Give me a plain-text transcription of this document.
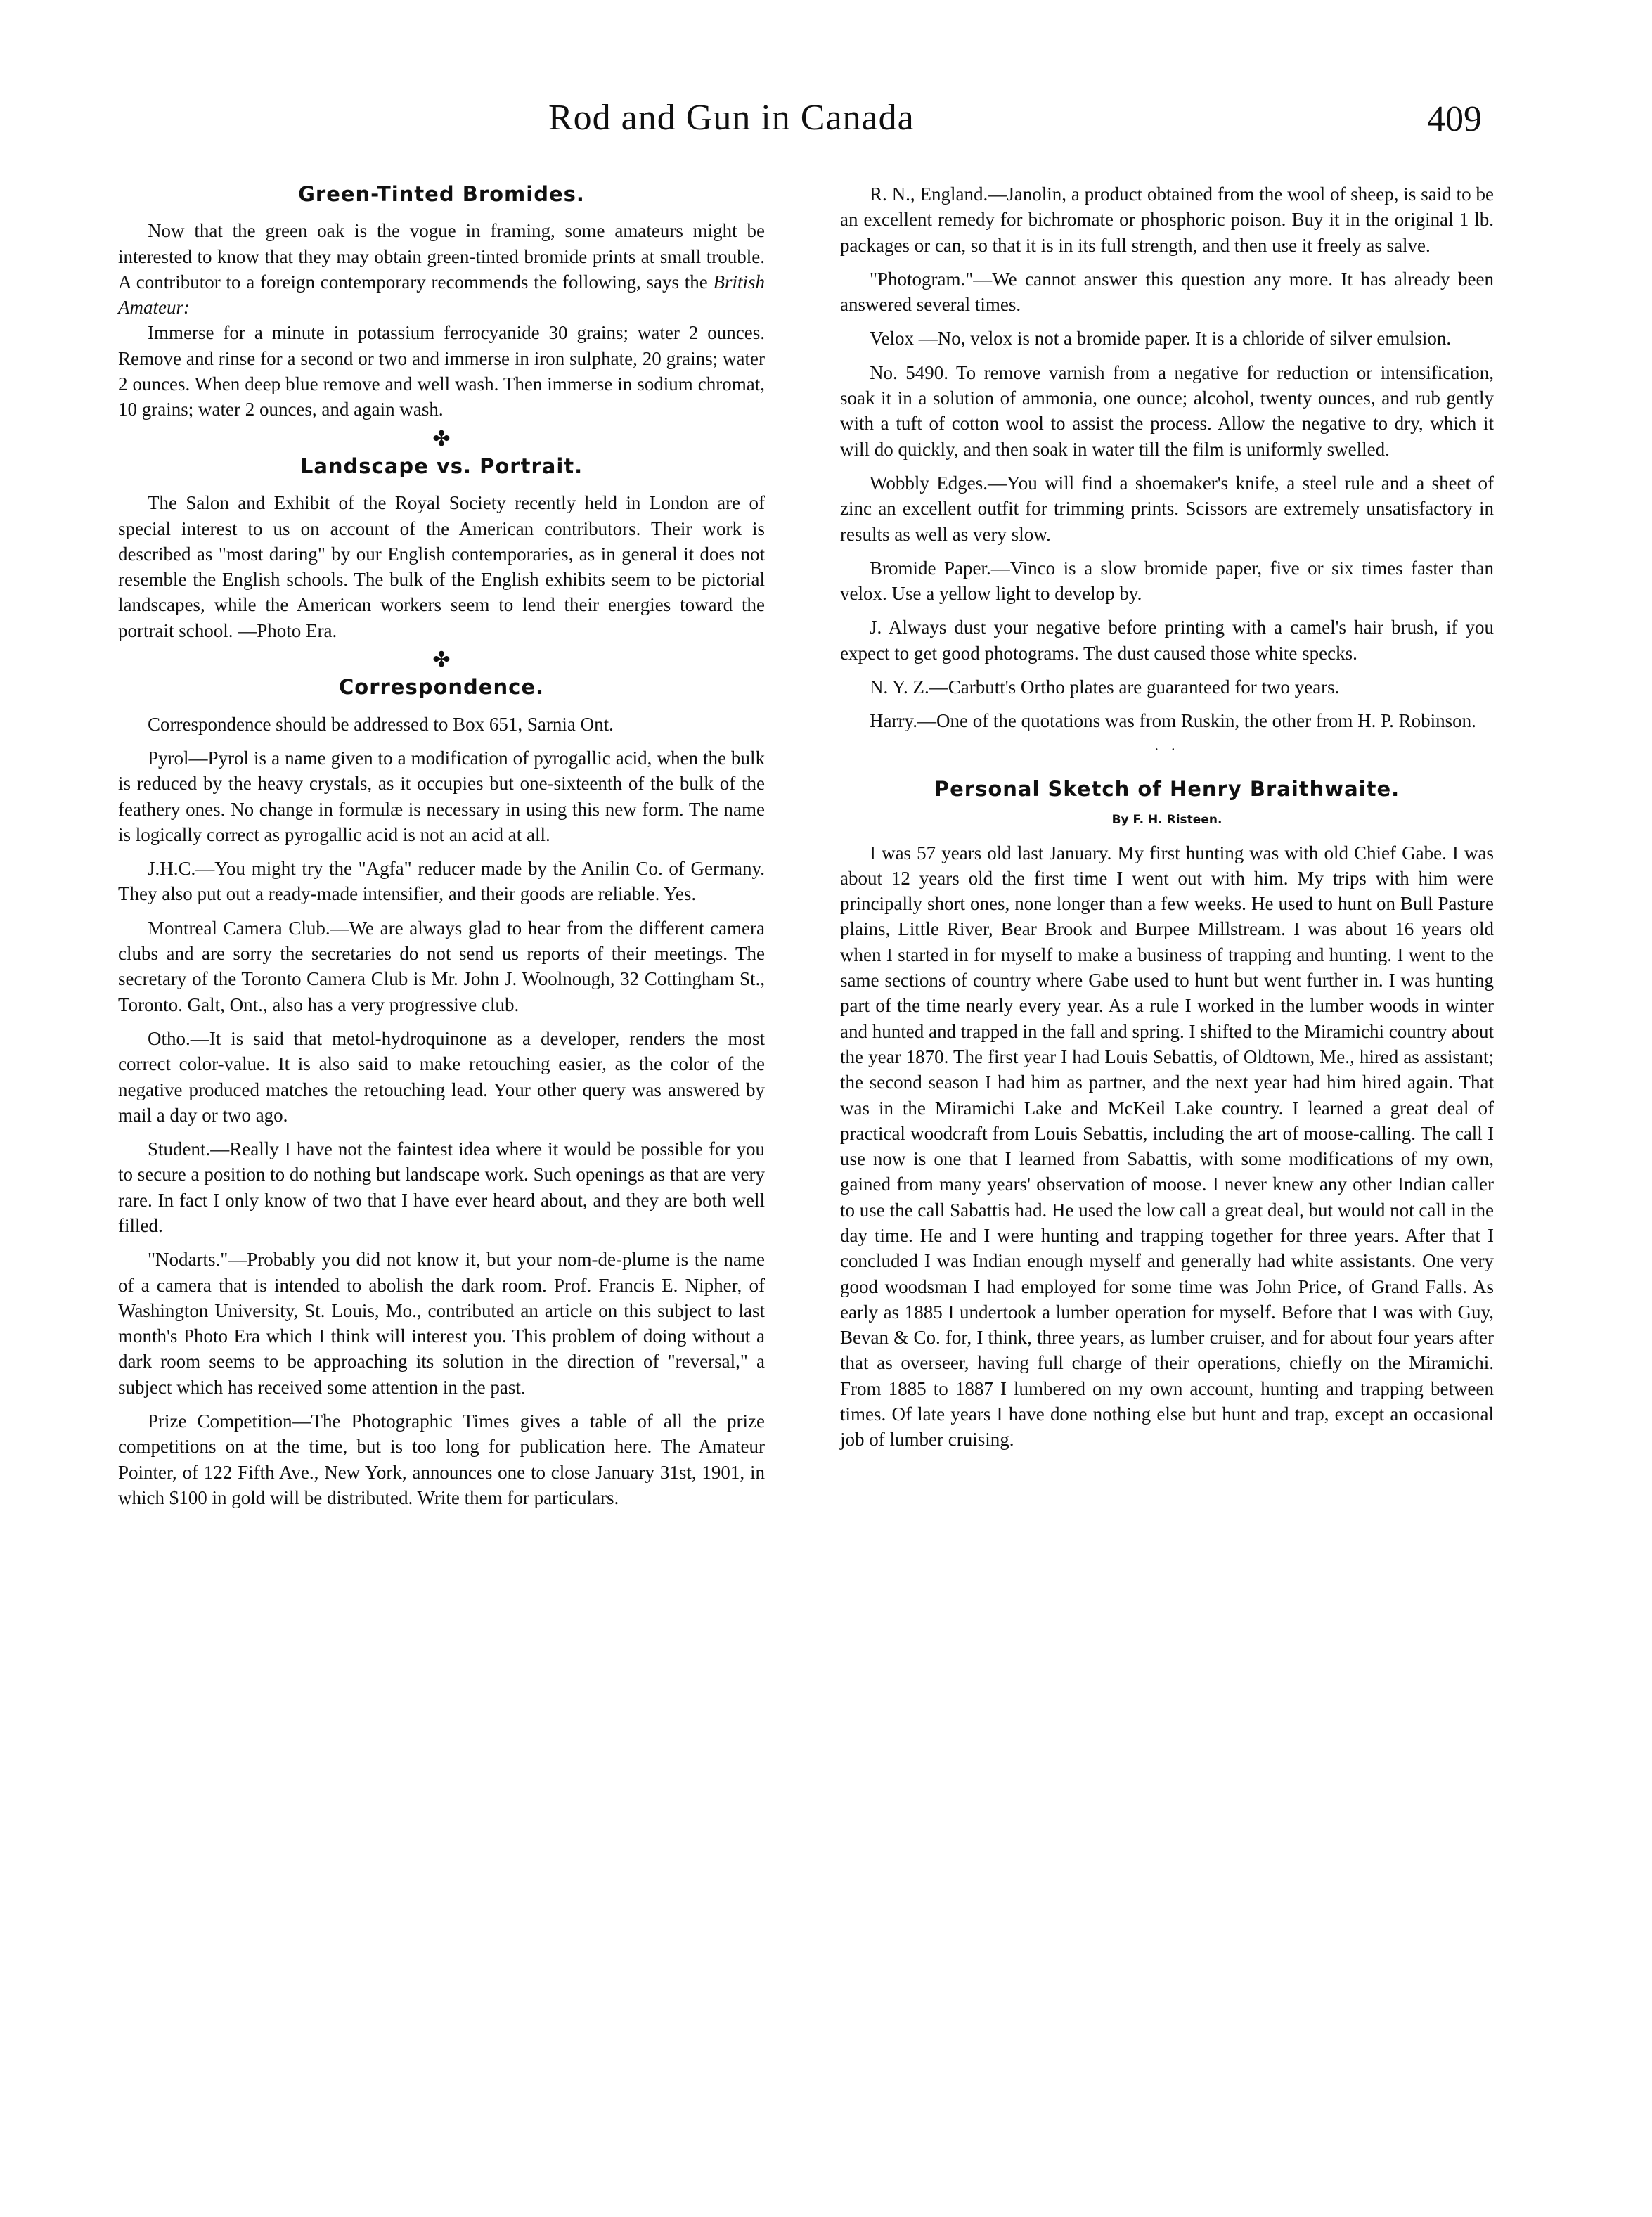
Rod and Gun in Canada	409
Green-Tinted Bromides.

Now that the green oak is the vogue in framing, some amateurs might be interested to know that they may obtain green-tinted bromide prints at small trouble. A contributor to a foreign contemporary recommends the following, says the British Amateur:

Immerse for a minute in potassium ferrocyanide 30 grains; water 2 ounces. Remove and rinse for a second or two and immerse in iron sulphate, 20 grains; water 2 ounces. When deep blue remove and well wash. Then immerse in sodium chromat, 10 grains; water 2 ounces, and again wash.

✤
Landscape vs. Portrait.

The Salon and Exhibit of the Royal Society recently held in London are of special interest to us on account of the American contributors. Their work is described as "most daring" by our English contemporaries, as in general it does not resemble the English schools. The bulk of the English exhibits seem to be pictorial landscapes, while the American workers seem to lend their energies toward the portrait school. —Photo Era.

✤
Correspondence.

Correspondence should be addressed to Box 651, Sarnia Ont.

Pyrol—Pyrol is a name given to a modification of pyrogallic acid, when the bulk is reduced by the heavy crystals, as it occupies but one-sixteenth of the bulk of the feathery ones. No change in formulæ is necessary in using this new form. The name is logically correct as pyrogallic acid is not an acid at all.

J.H.C.—You might try the "Agfa" reducer made by the Anilin Co. of Germany. They also put out a ready-made intensifier, and their goods are reliable. Yes.

Montreal Camera Club.—We are always glad to hear from the different camera clubs and are sorry the secretaries do not send us reports of their meetings. The secretary of the Toronto Camera Club is Mr. John J. Woolnough, 32 Cottingham St., Toronto. Galt, Ont., also has a very progressive club.

Otho.—It is said that metol-hydroquinone as a developer, renders the most correct color-value. It is also said to make retouching easier, as the color of the negative produced matches the retouching lead. Your other query was answered by mail a day or two ago.

Student.—Really I have not the faintest idea where it would be possible for you to secure a position to do nothing but landscape work. Such openings as that are very rare. In fact I only know of two that I have ever heard about, and they are both well filled.

"Nodarts."—Probably you did not know it, but your nom-de-plume is the name of a camera that is intended to abolish the dark room. Prof. Francis E. Nipher, of Washington University, St. Louis, Mo., contributed an article on this subject to last month's Photo Era which I think will interest you. This problem of doing without a dark room seems to be approaching its solution in the direction of "reversal," a subject which has received some attention in the past.

Prize Competition—The Photographic Times gives a table of all the prize competitions on at the time, but is too long for publication here. The Amateur Pointer, of 122 Fifth Ave., New York, announces one to close January 31st, 1901, in which $100 in gold will be distributed. Write them for particulars.

R. N., England.—Janolin, a product obtained from the wool of sheep, is said to be an excellent remedy for bichromate or phosphoric poison. Buy it in the original 1 lb. packages or can, so that it is in its full strength, and then use it freely as salve.

"Photogram."—We cannot answer this question any more. It has already been answered several times.

Velox —No, velox is not a bromide paper. It is a chloride of silver emulsion.

No. 5490. To remove varnish from a negative for reduction or intensification, soak it in a solution of ammonia, one ounce; alcohol, twenty ounces, and rub gently with a tuft of cotton wool to assist the process. Allow the negative to dry, which it will do quickly, and then soak in water till the film is uniformly swelled.

Wobbly Edges.—You will find a shoemaker's knife, a steel rule and a sheet of zinc an excellent outfit for trimming prints. Scissors are extremely unsatisfactory in results as well as very slow.

Bromide Paper.—Vinco is a slow bromide paper, five or six times faster than velox. Use a yellow light to develop by.

J. Always dust your negative before printing with a camel's hair brush, if you expect to get good photograms. The dust caused those white specks.

N. Y. Z.—Carbutt's Ortho plates are guaranteed for two years.

Harry.—One of the quotations was from Ruskin, the other from H. P. Robinson.

· ·
Personal Sketch of Henry Braithwaite.
By F. H. Risteen.

I was 57 years old last January. My first hunting was with old Chief Gabe. I was about 12 years old the first time I went out with him. My trips with him were principally short ones, none longer than a few weeks. He used to hunt on Bull Pasture plains, Little River, Bear Brook and Burpee Millstream. I was about 16 years old when I started in for myself to make a business of trapping and hunting. I went to the same sections of country where Gabe used to hunt but went further in. I was hunting part of the time nearly every year. As a rule I worked in the lumber woods in winter and hunted and trapped in the fall and spring. I shifted to the Miramichi country about the year 1870. The first year I had Louis Sebattis, of Oldtown, Me., hired as assistant; the second season I had him as partner, and the next year had him hired again. That was in the Miramichi Lake and McKeil Lake country. I learned a great deal of practical woodcraft from Louis Sebattis, including the art of moose-calling. The call I use now is one that I learned from Sabattis, with some modifications of my own, gained from many years' observation of moose. I never knew any other Indian caller to use the call Sabattis had. He used the low call a great deal, but would not call in the day time. He and I were hunting and trapping together for three years. After that I concluded I was Indian enough myself and generally had white assistants. One very good woodsman I had employed for some time was John Price, of Grand Falls. As early as 1885 I undertook a lumber operation for myself. Before that I was with Guy, Bevan & Co. for, I think, three years, as lumber cruiser, and for about four years after that as overseer, having full charge of their operations, chiefly on the Miramichi. From 1885 to 1887 I lumbered on my own account, hunting and trapping between times. Of late years I have done nothing else but hunt and trap, except an occasional job of lumber cruising.
